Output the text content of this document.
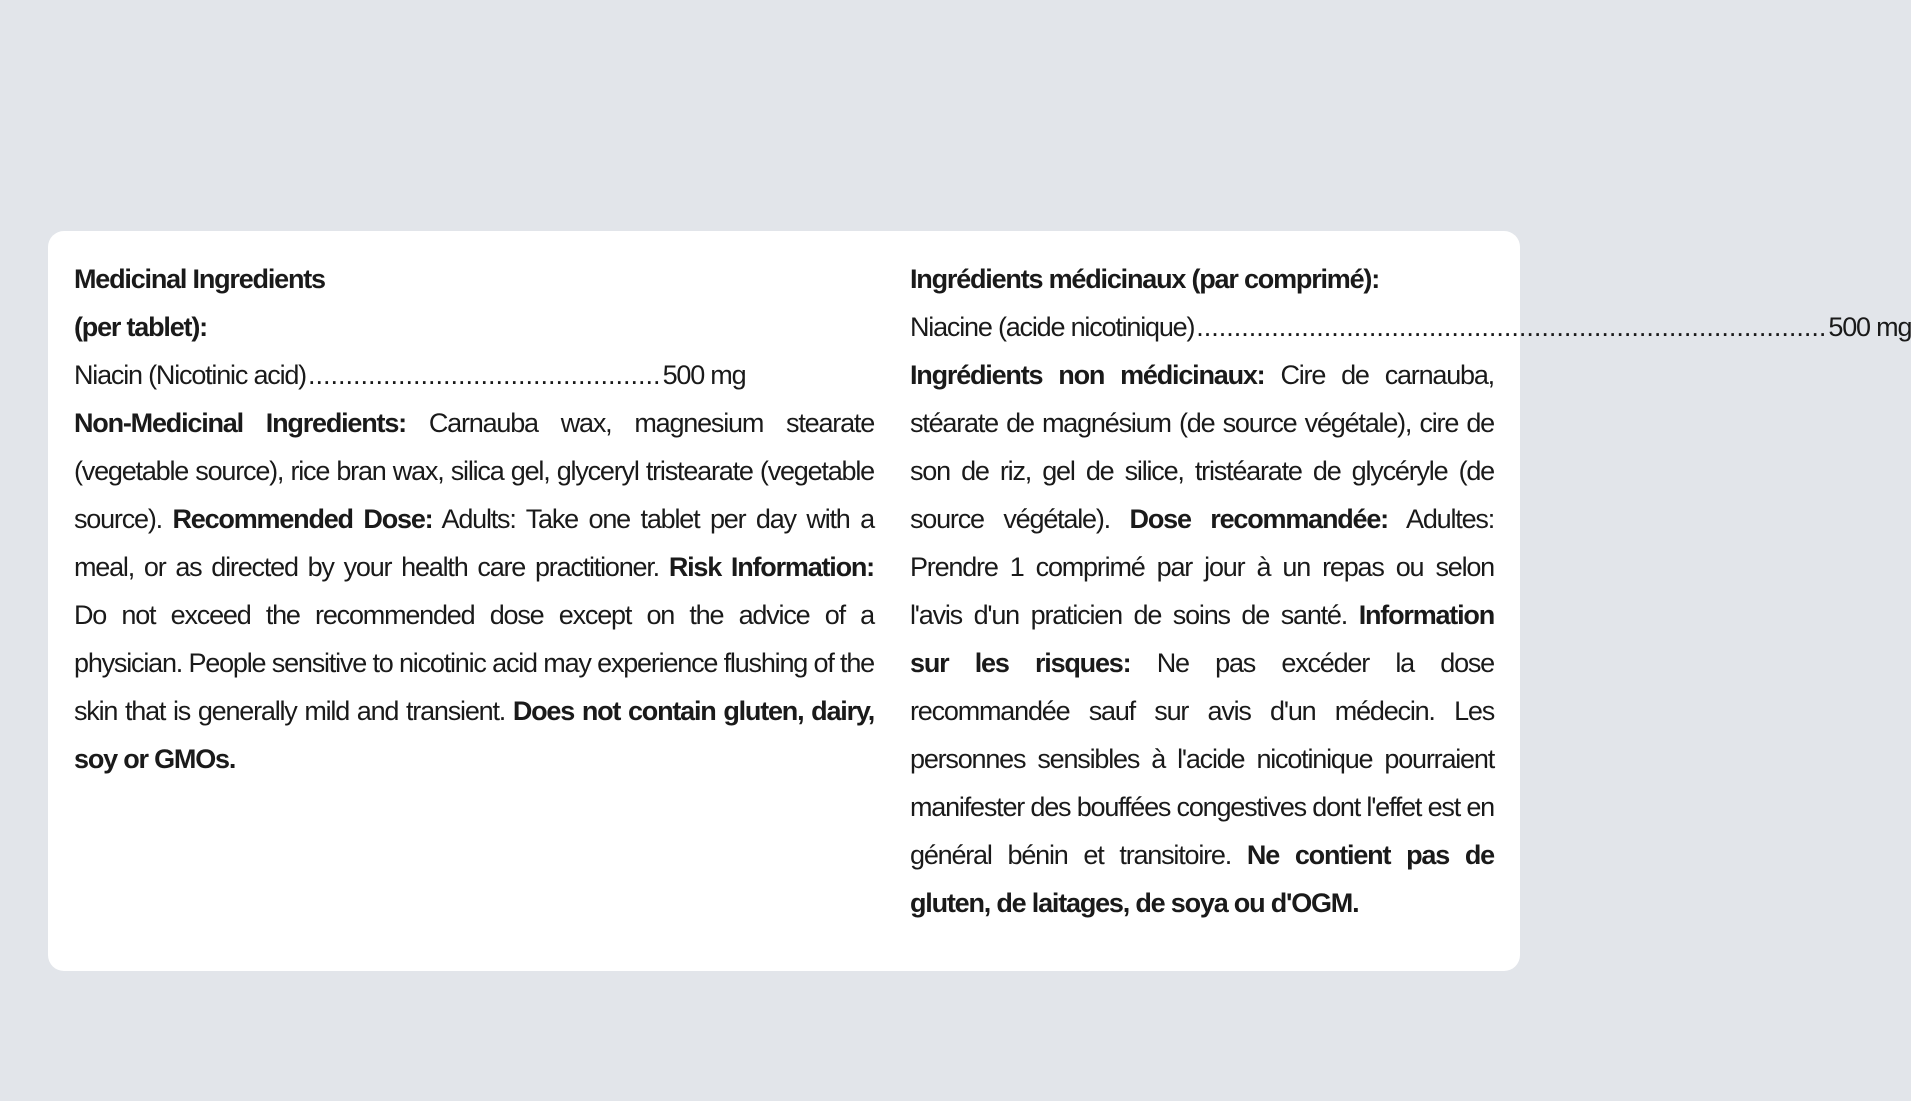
Medicinal Ingredients
(per tablet):
Niacin (Nicotinic acid) ............................................... 500 mg
Non-Medicinal Ingredients: Carnauba wax, magnesium stearate (vegetable source), rice bran wax, silica gel, glyceryl tristearate (vegetable source). Recommended Dose: Adults: Take one tablet per day with a meal, or as directed by your health care practitioner. Risk Information: Do not exceed the recommended dose except on the advice of a physician. People sensitive to nicotinic acid may experience flushing of the skin that is generally mild and transient. Does not contain gluten, dairy, soy or GMOs.
Ingrédients médicinaux (par comprimé):
Niacine (acide nicotinique) .................................................................................... 500 mg
Ingrédients non médicinaux: Cire de carnauba, stéarate de magnésium (de source végétale), cire de son de riz, gel de silice, tristéarate de glycéryle (de source végétale). Dose recommandée: Adultes: Prendre 1 comprimé par jour à un repas ou selon l'avis d'un praticien de soins de santé. Information sur les risques: Ne pas excéder la dose recommandée sauf sur avis d'un médecin. Les personnes sensibles à l'acide nicotinique pourraient manifester des bouffées congestives dont l'effet est en général bénin et transitoire. Ne contient pas de gluten, de laitages, de soya ou d'OGM.
